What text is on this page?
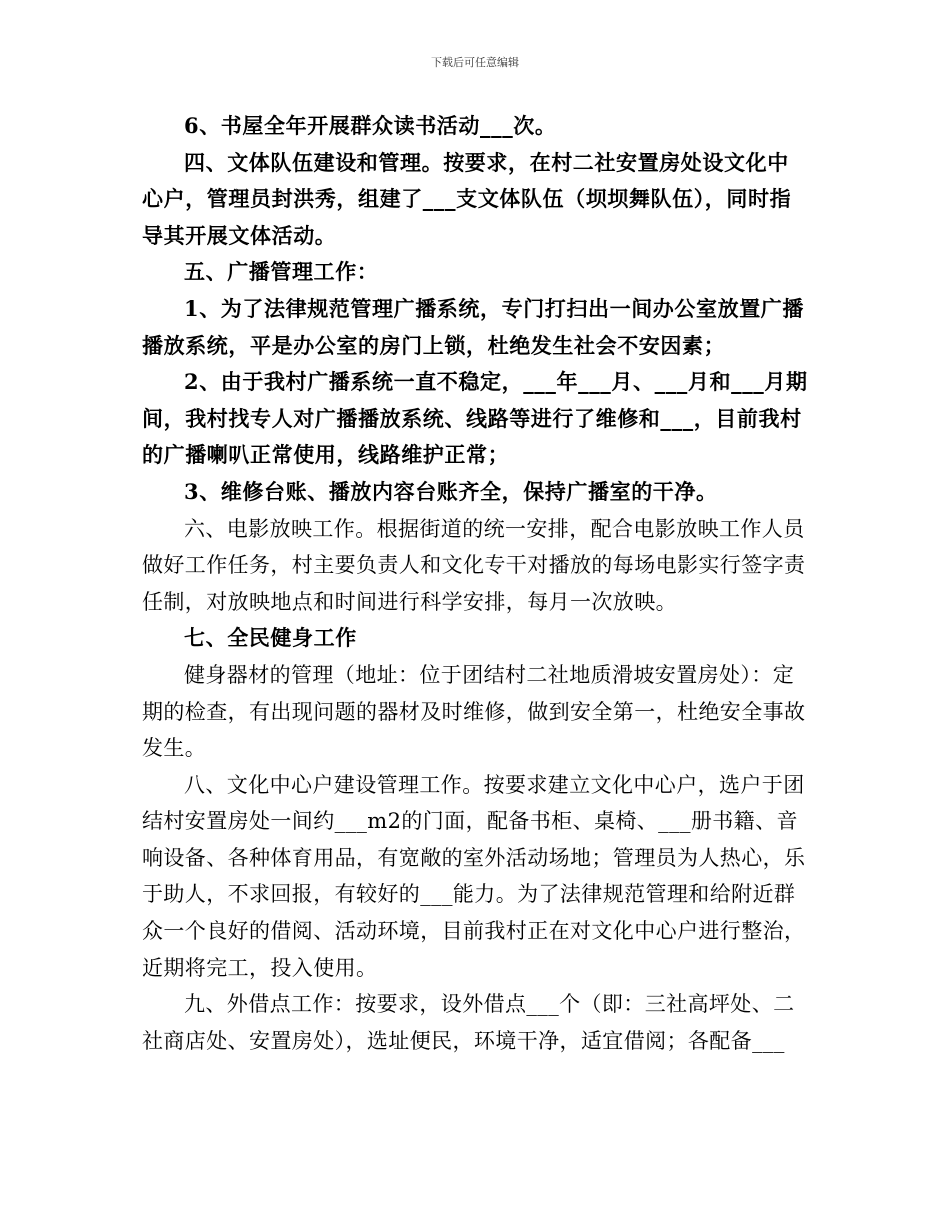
下载后可任意编辑

6、书屋全年开展群众读书活动___次。

四、文体队伍建设和管理。按要求，在村二社安置房处设文化中心户，管理员封洪秀，组建了___支文体队伍（坝坝舞队伍），同时指导其开展文体活动。

五、广播管理工作：

1、为了法律规范管理广播系统，专门打扫出一间办公室放置广播播放系统，平是办公室的房门上锁，杜绝发生社会不安因素；

2、由于我村广播系统一直不稳定，___年___月、___月和___月期间，我村找专人对广播播放系统、线路等进行了维修和___，目前我村的广播喇叭正常使用，线路维护正常；

3、维修台账、播放内容台账齐全，保持广播室的干净。

六、电影放映工作。根据街道的统一安排，配合电影放映工作人员做好工作任务，村主要负责人和文化专干对播放的每场电影实行签字责任制，对放映地点和时间进行科学安排，每月一次放映。

七、全民健身工作

健身器材的管理（地址：位于团结村二社地质滑坡安置房处）：定期的检查，有出现问题的器材及时维修，做到安全第一，杜绝安全事故发生。

八、文化中心户建设管理工作。按要求建立文化中心户，选户于团结村安置房处一间约___m2的门面，配备书柜、桌椅、___册书籍、音响设备、各种体育用品，有宽敞的室外活动场地；管理员为人热心，乐于助人，不求回报，有较好的___能力。为了法律规范管理和给附近群众一个良好的借阅、活动环境，目前我村正在对文化中心户进行整治，近期将完工，投入使用。

九、外借点工作：按要求，设外借点___个（即：三社高坪处、二社商店处、安置房处），选址便民，环境干净，适宜借阅；各配备___
